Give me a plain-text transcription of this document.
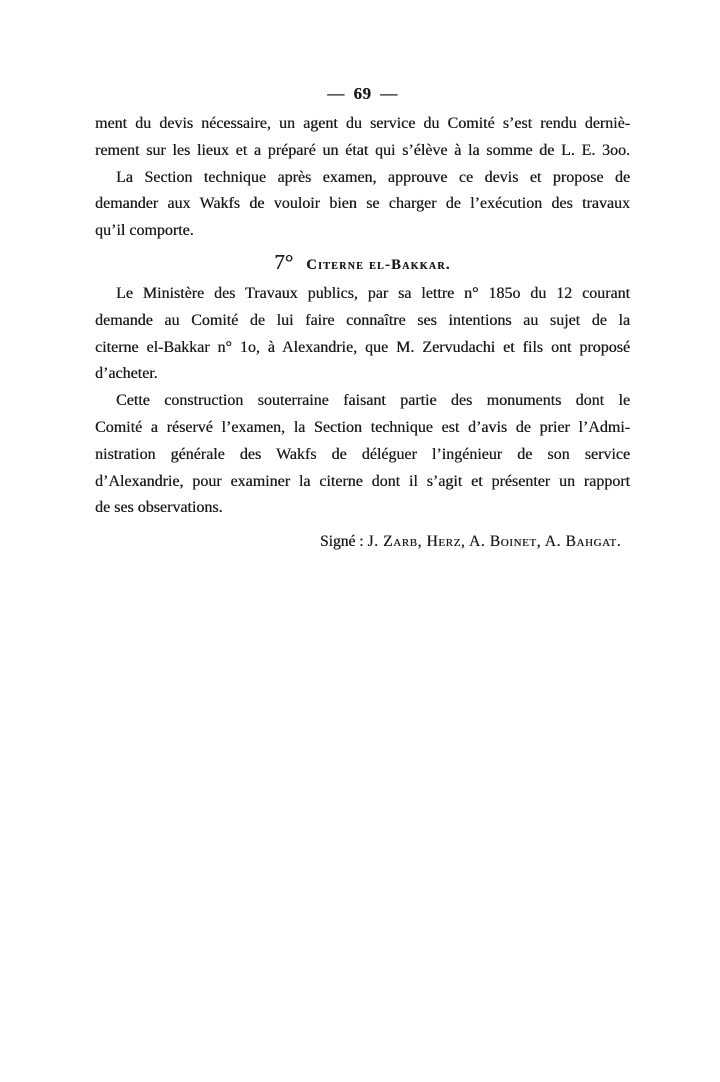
— 69 —
ment du devis nécessaire, un agent du service du Comité s’est rendu derniè-
rement sur les lieux et a préparé un état qui s’élève à la somme de L. E. 3oo.
La Section technique après examen, approuve ce devis et propose de
demander aux Wakfs de vouloir bien se charger de l’exécution des travaux
qu’il comporte.
7° Citerne el-Bakkar.
Le Ministère des Travaux publics, par sa lettre n° 185o du 12 courant
demande au Comité de lui faire connaître ses intentions au sujet de la
citerne el-Bakkar n° 1o, à Alexandrie, que M. Zervudachi et fils ont proposé
d’acheter.
Cette construction souterraine faisant partie des monuments dont le
Comité a réservé l’examen, la Section technique est d’avis de prier l’Admi-
nistration générale des Wakfs de déléguer l’ingénieur de son service
d’Alexandrie, pour examiner la citerne dont il s’agit et présenter un rapport
de ses observations.
Signé : J. Zarb, Herz, A. Boinet, A. Bahgat.
